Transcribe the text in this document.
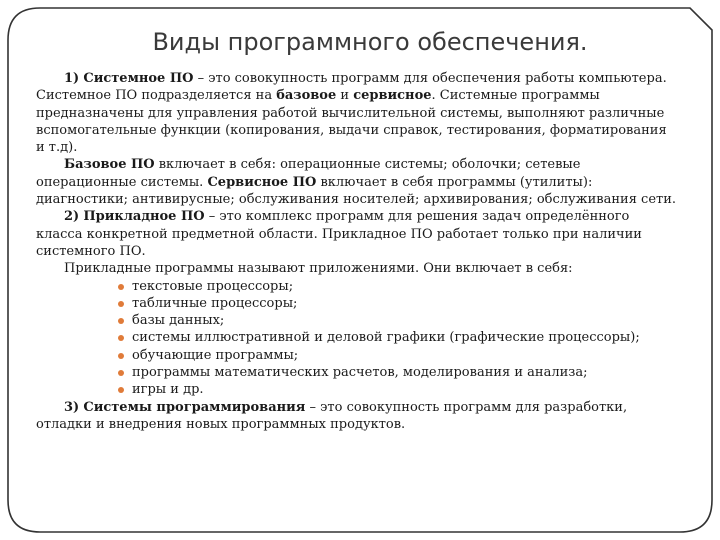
Виды программного обеспечения.

1) Системное ПО – это совокупность программ для обеспечения работы компьютера. Системное ПО подразделяется на базовое и сервисное. Системные программы предназначены для управления работой вычислительной системы, выполняют различные вспомогательные функции (копирования, выдачи справок, тестирования, форматирования и т.д).

Базовое ПО включает в себя: операционные системы; оболочки; сетевые операционные системы. Сервисное ПО включает в себя программы (утилиты): диагностики; антивирусные; обслуживания носителей; архивирования; обслуживания сети.

2) Прикладное ПО – это комплекс программ для решения задач определённого класса конкретной предметной области. Прикладное ПО работает только при наличии системного ПО.

Прикладные программы называют приложениями. Они включает в себя:

текстовые процессоры;
табличные процессоры;
базы данных;
системы иллюстративной и деловой графики (графические процессоры);
обучающие программы;
программы математических расчетов, моделирования и анализа;
игры и др.

3) Системы программирования – это совокупность программ для разработки, отладки и внедрения новых программных продуктов.
